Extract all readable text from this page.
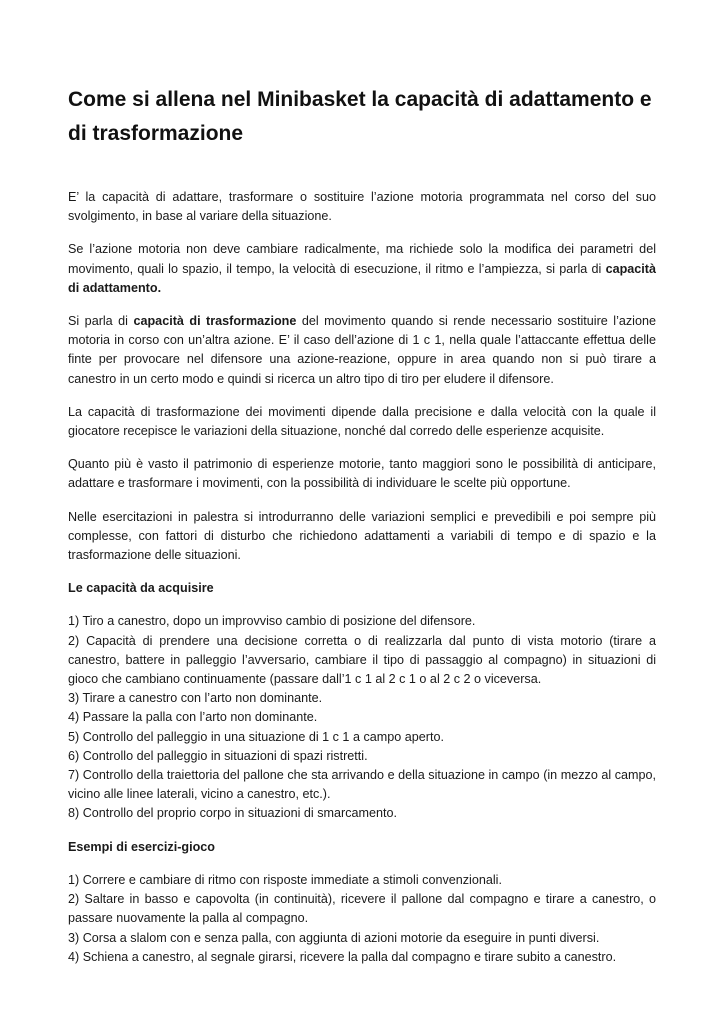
Come si allena nel Minibasket la capacità di adattamento e di trasformazione

E’ la capacità di adattare, trasformare o sostituire l’azione motoria programmata nel corso del suo svolgimento, in base al variare della situazione.

Se l’azione motoria non deve cambiare radicalmente, ma richiede solo la modifica dei parametri del movimento, quali lo spazio, il tempo, la velocità di esecuzione, il ritmo e l’ampiezza, si parla di capacità di adattamento.

Si parla di capacità di trasformazione del movimento quando si rende necessario sostituire l’azione motoria in corso con un’altra azione. E’ il caso dell’azione di 1 c 1, nella quale l’attaccante effettua delle finte per provocare nel difensore una azione-reazione, oppure in area quando non si può tirare a canestro in un certo modo e quindi si ricerca un altro tipo di tiro per eludere il difensore.

La capacità di trasformazione dei movimenti dipende dalla precisione e dalla velocità con la quale il giocatore recepisce le variazioni della situazione, nonché dal corredo delle esperienze acquisite.

Quanto più è vasto il patrimonio di esperienze motorie, tanto maggiori sono le possibilità di anticipare, adattare e trasformare i movimenti, con la possibilità di individuare le scelte più opportune.

Nelle esercitazioni in palestra si introdurranno delle variazioni semplici e prevedibili e poi sempre più complesse, con fattori di disturbo che richiedono adattamenti a variabili di tempo e di spazio e la trasformazione delle situazioni.

Le capacità da acquisire
1) Tiro a canestro, dopo un improvviso cambio di posizione del difensore.
2) Capacità di prendere una decisione corretta o di realizzarla dal punto di vista motorio (tirare a canestro, battere in palleggio l’avversario, cambiare il tipo di passaggio al compagno) in situazioni di gioco che cambiano continuamente (passare dall’1 c 1 al 2 c 1 o al 2 c 2 o viceversa.
3) Tirare a canestro con l’arto non dominante.
4) Passare la palla con l’arto non dominante.
5) Controllo del palleggio in una situazione di 1 c 1 a campo aperto.
6) Controllo del palleggio in situazioni di spazi ristretti.
7) Controllo della traiettoria del pallone che sta arrivando e della situazione in campo (in mezzo al campo, vicino alle linee laterali, vicino a canestro, etc.).
8) Controllo del proprio corpo in situazioni di smarcamento.
Esempi di esercizi-gioco
1) Correre e cambiare di ritmo con risposte immediate a stimoli convenzionali.
2) Saltare in basso e capovolta (in continuità), ricevere il pallone dal compagno e tirare a canestro, o passare nuovamente la palla al compagno.
3) Corsa a slalom con e senza palla, con aggiunta di azioni motorie da eseguire in punti diversi.
4) Schiena a canestro, al segnale girarsi, ricevere la palla dal compagno e tirare subito a canestro.
